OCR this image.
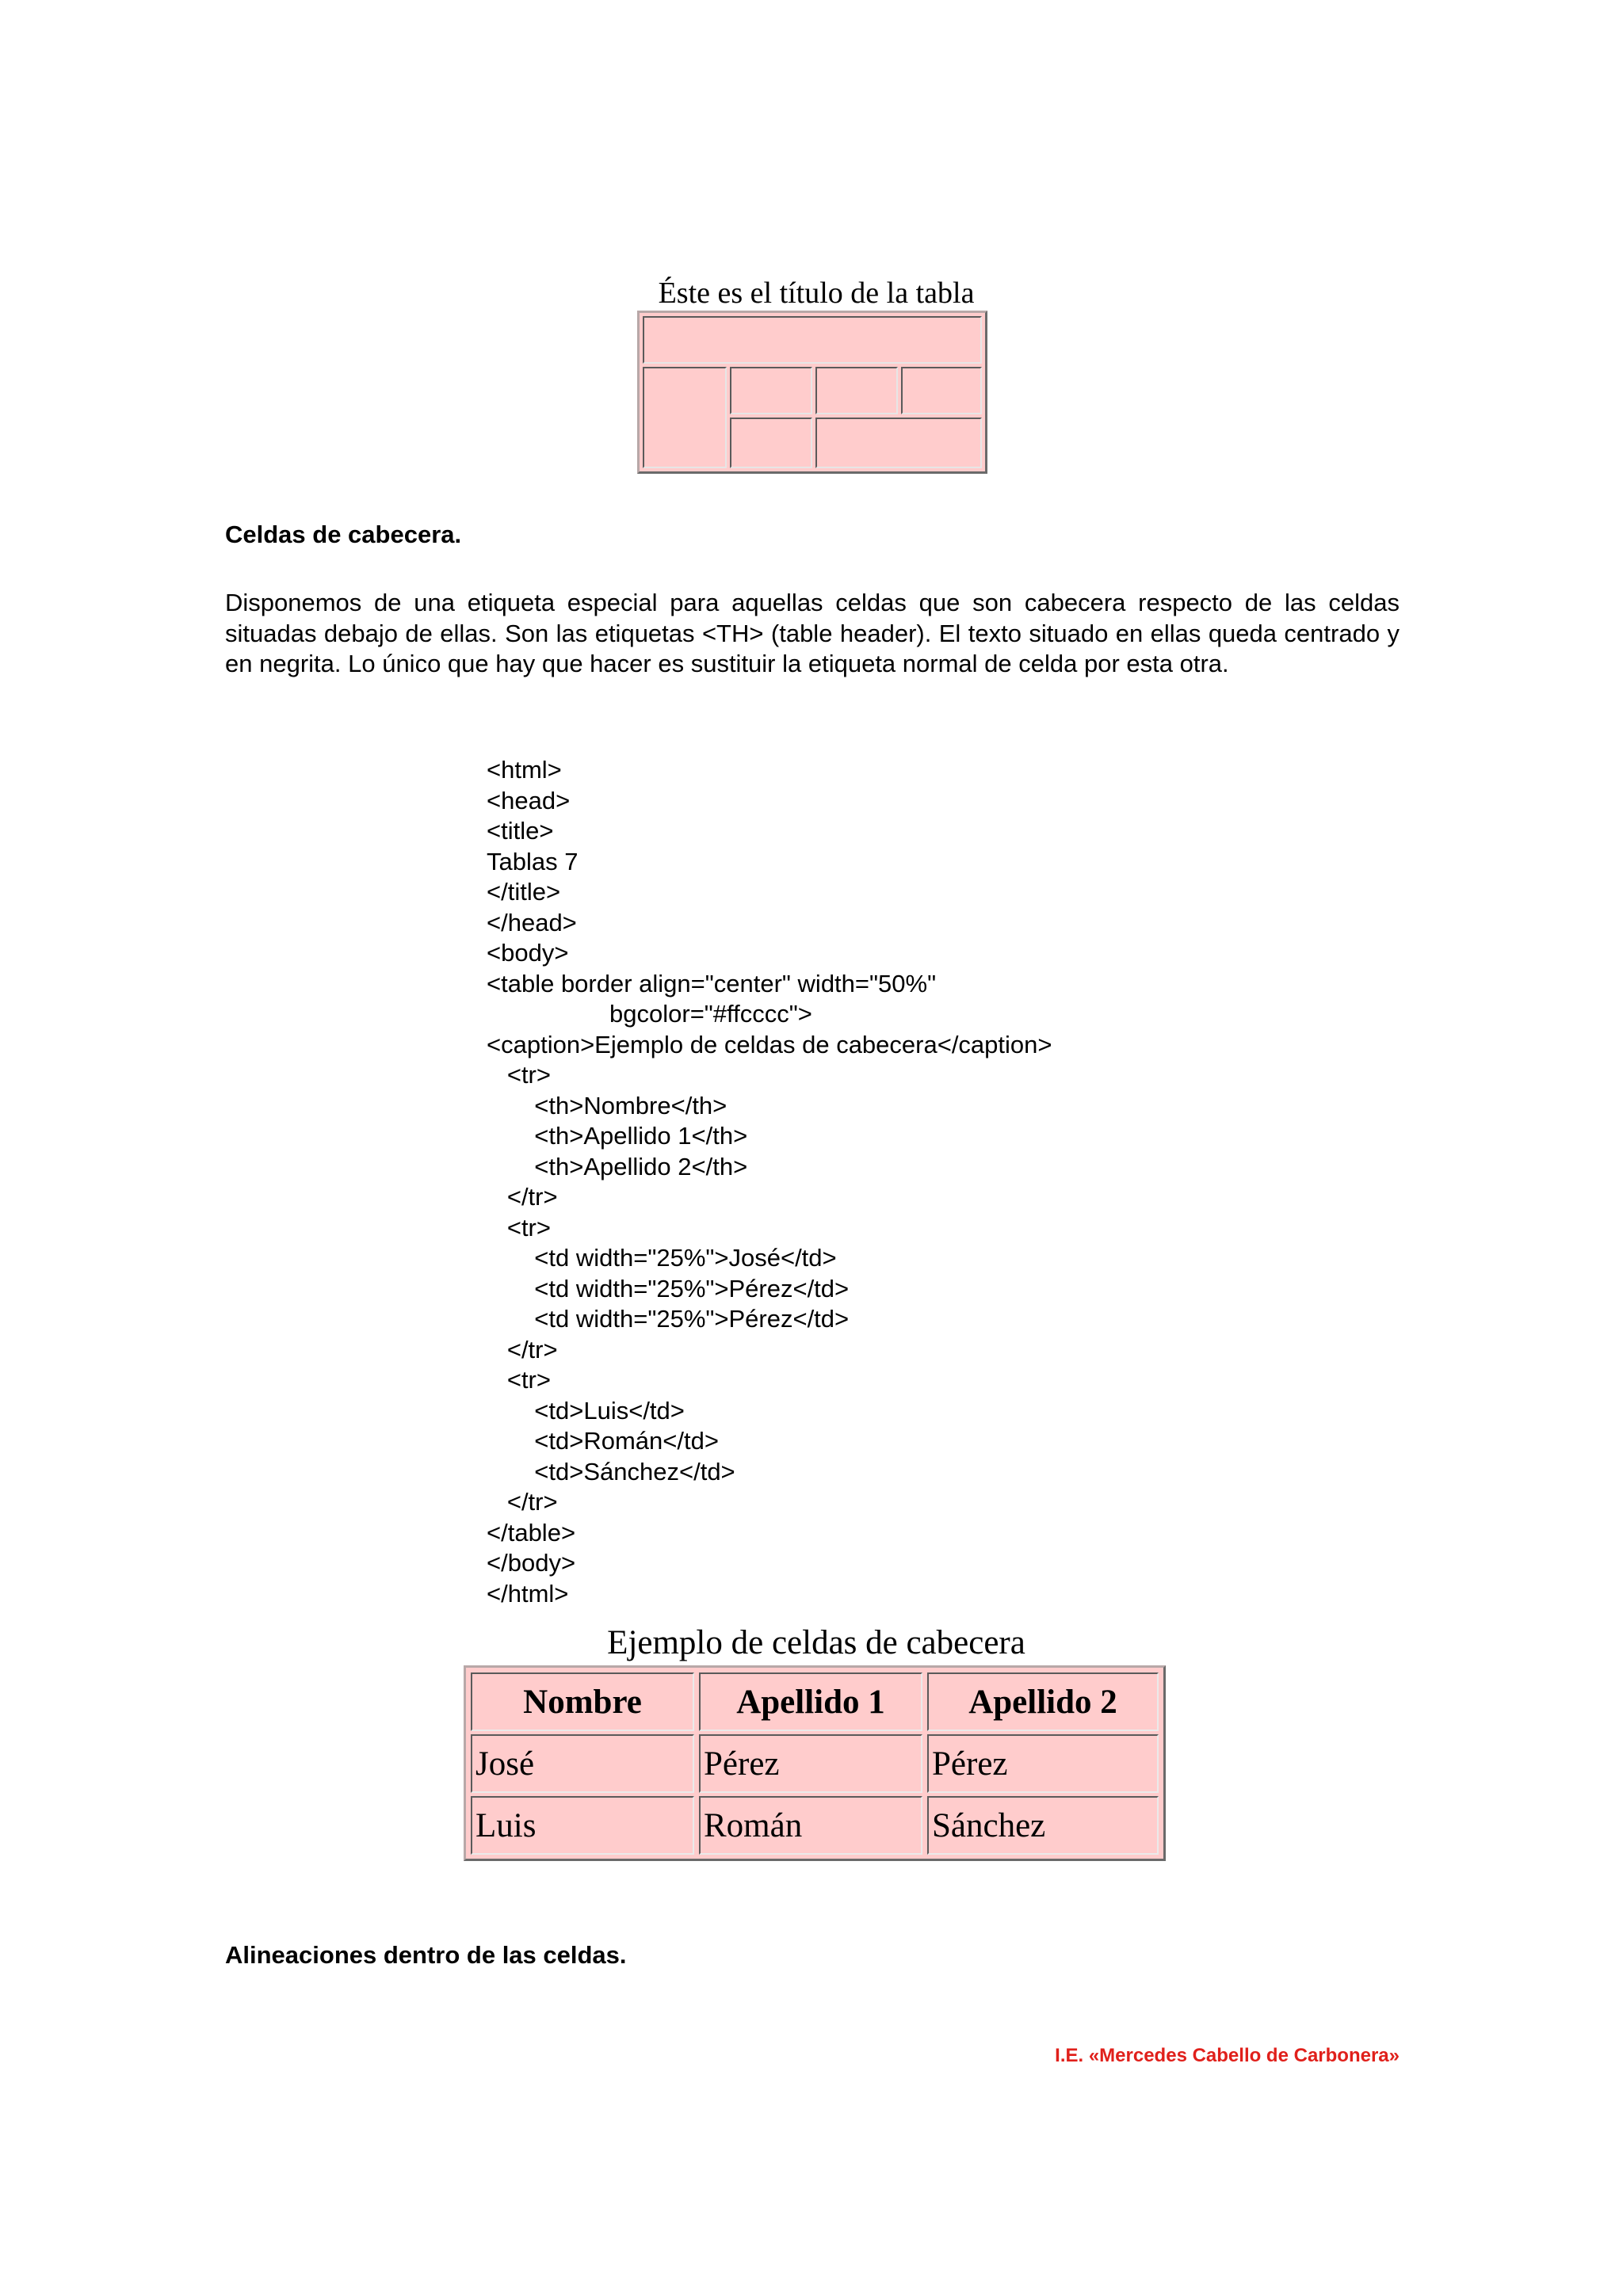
Éste es el título de la tabla
Celdas de cabecera.
Disponemos de una etiqueta especial para aquellas celdas que son cabecera respecto de las celdas situadas debajo de ellas. Son las etiquetas <TH> (table header). El texto situado en ellas queda centrado y en negrita. Lo único que hay que hacer es sustituir la etiqueta normal de celda por esta otra.
<html>
<head>
<title>
Tablas 7
</title>
</head>
<body>
<table border align="center" width="50%"
bgcolor="#ffcccc">
<caption>Ejemplo de celdas de cabecera</caption>
<tr>
<th>Nombre</th>
<th>Apellido 1</th>
<th>Apellido 2</th>
</tr>
<tr>
<td width="25%">José</td>
<td width="25%">Pérez</td>
<td width="25%">Pérez</td>
</tr>
<tr>
<td>Luis</td>
<td>Román</td>
<td>Sánchez</td>
</tr>
</table>
</body>
</html>
Ejemplo de celdas de cabecera
Nombre	Apellido 1	Apellido 2
José	Pérez	Pérez
Luis	Román	Sánchez
Alineaciones dentro de las celdas.
I.E. «Mercedes Cabello de Carbonera»
